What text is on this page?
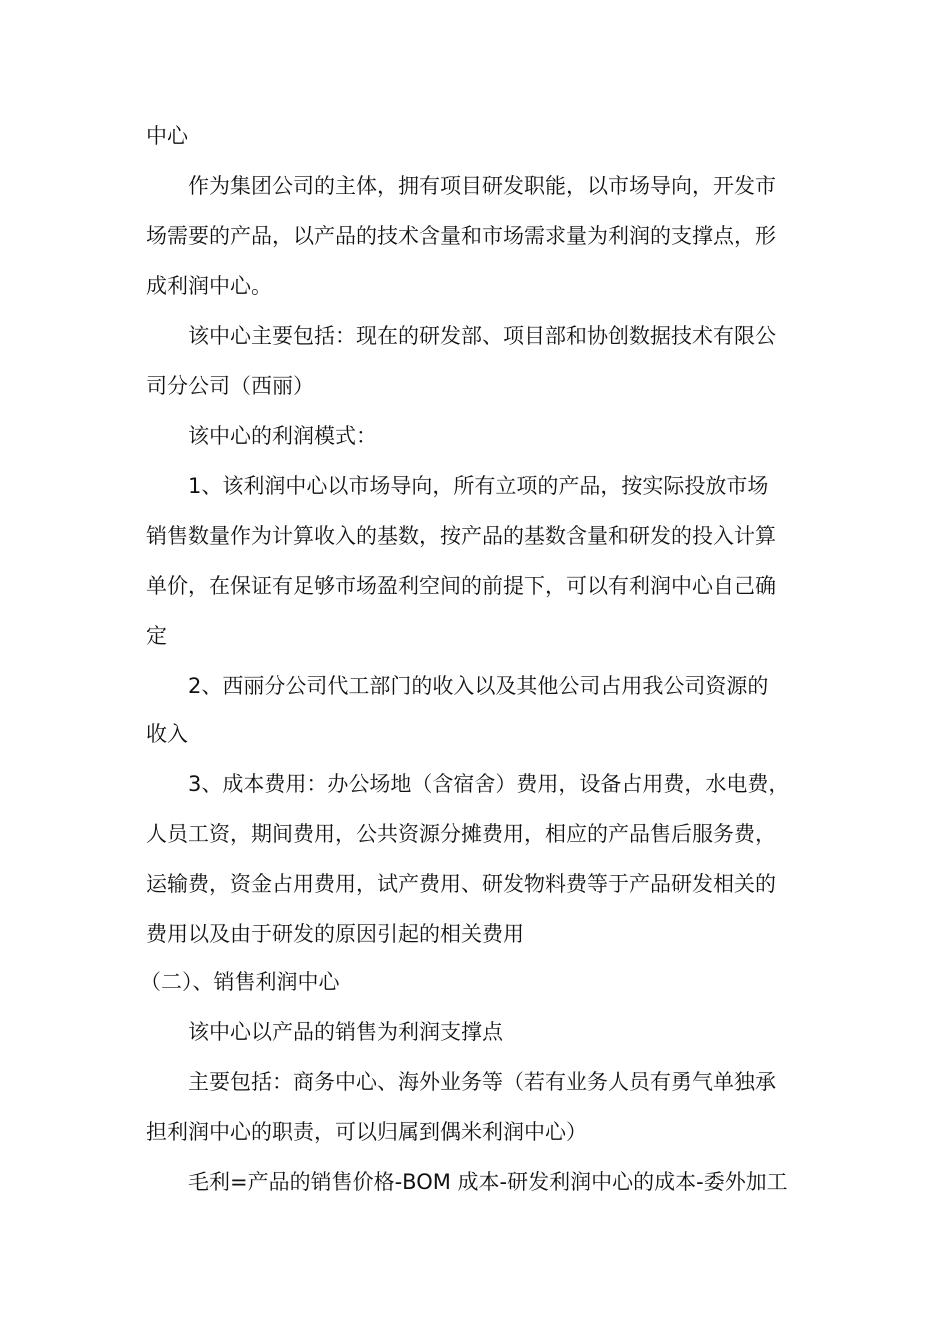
中心
作为集团公司的主体，拥有项目研发职能，以市场导向，开发市
场需要的产品，以产品的技术含量和市场需求量为利润的支撑点，形
成利润中心。
该中心主要包括：现在的研发部、项目部和协创数据技术有限公
司分公司（西丽）
该中心的利润模式：
1、该利润中心以市场导向，所有立项的产品，按实际投放市场
销售数量作为计算收入的基数，按产品的基数含量和研发的投入计算
单价，在保证有足够市场盈利空间的前提下，可以有利润中心自己确
定
2、西丽分公司代工部门的收入以及其他公司占用我公司资源的
收入
3、成本费用：办公场地（含宿舍）费用，设备占用费，水电费，
人员工资，期间费用，公共资源分摊费用，相应的产品售后服务费，
运输费，资金占用费用，试产费用、研发物料费等于产品研发相关的
费用以及由于研发的原因引起的相关费用
（二）、销售利润中心
该中心以产品的销售为利润支撑点
主要包括：商务中心、海外业务等（若有业务人员有勇气单独承
担利润中心的职责，可以归属到偶米利润中心）
毛利=产品的销售价格-BOM 成本-研发利润中心的成本-委外加工
